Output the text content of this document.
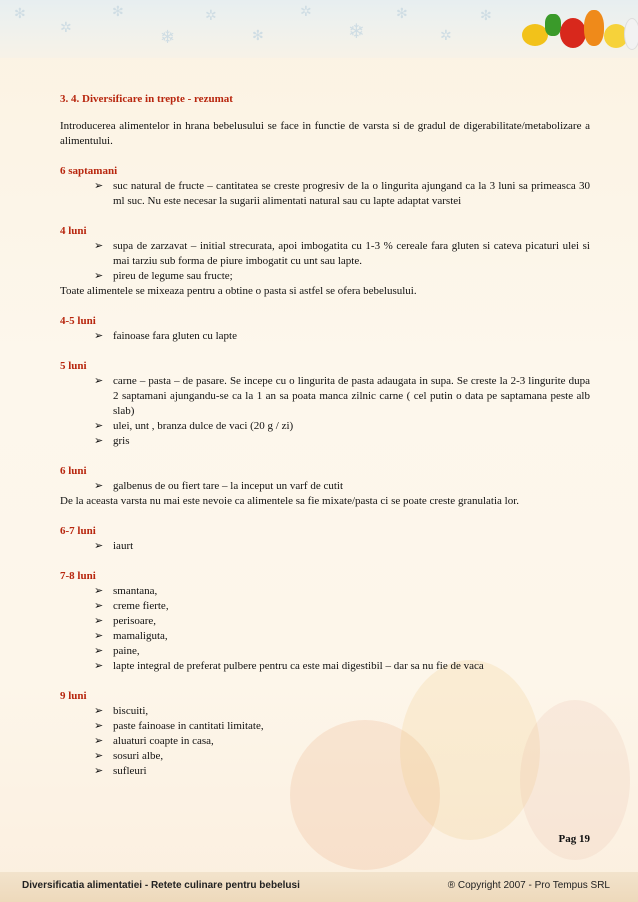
✻
✲
✻
❄
✲
✻
✲
❄
✻
✲
✻
3. 4. Diversificare in trepte - rezumat
Introducerea alimentelor in hrana bebelusului se face in functie de varsta si de gradul de digerabilitate/metabolizare a alimentului.
6 saptamani
➢ suc natural de fructe – cantitatea se creste progresiv de la o lingurita ajungand ca la 3 luni sa primeasca 30 ml suc. Nu este necesar la sugarii alimentati natural sau cu lapte adaptat varstei
4 luni
➢ supa de zarzavat – initial strecurata, apoi imbogatita cu 1-3 % cereale fara gluten si cateva picaturi ulei si mai tarziu sub forma de piure imbogatit cu unt sau lapte.
➢ pireu de legume sau fructe;
Toate alimentele se mixeaza pentru a obtine o pasta si astfel se ofera bebelusului.
4-5 luni
➢ fainoase fara gluten cu lapte
5 luni
➢ carne – pasta – de pasare. Se incepe cu o lingurita de pasta adaugata in supa. Se creste la 2-3 lingurite dupa 2 saptamani ajungandu-se ca la 1 an sa poata manca zilnic carne ( cel putin o data pe saptamana peste alb slab)
➢ ulei, unt , branza dulce de vaci (20 g / zi)
➢ gris
6 luni
➢ galbenus de ou fiert tare – la inceput un varf de cutit
De la aceasta varsta nu mai este nevoie ca alimentele sa fie mixate/pasta ci se poate creste granulatia lor.
6-7 luni
➢ iaurt
7-8 luni
➢ smantana,
➢ creme fierte,
➢ perisoare,
➢ mamaliguta,
➢ paine,
➢ lapte integral de preferat pulbere pentru ca este mai digestibil – dar sa nu fie de vaca
9 luni
➢ biscuiti,
➢ paste fainoase in cantitati limitate,
➢ aluaturi coapte in casa,
➢ sosuri albe,
➢ sufleuri
Pag 19
Diversificatia alimentatiei - Retete culinare pentru bebelusi	® Copyright 2007 - Pro Tempus SRL
